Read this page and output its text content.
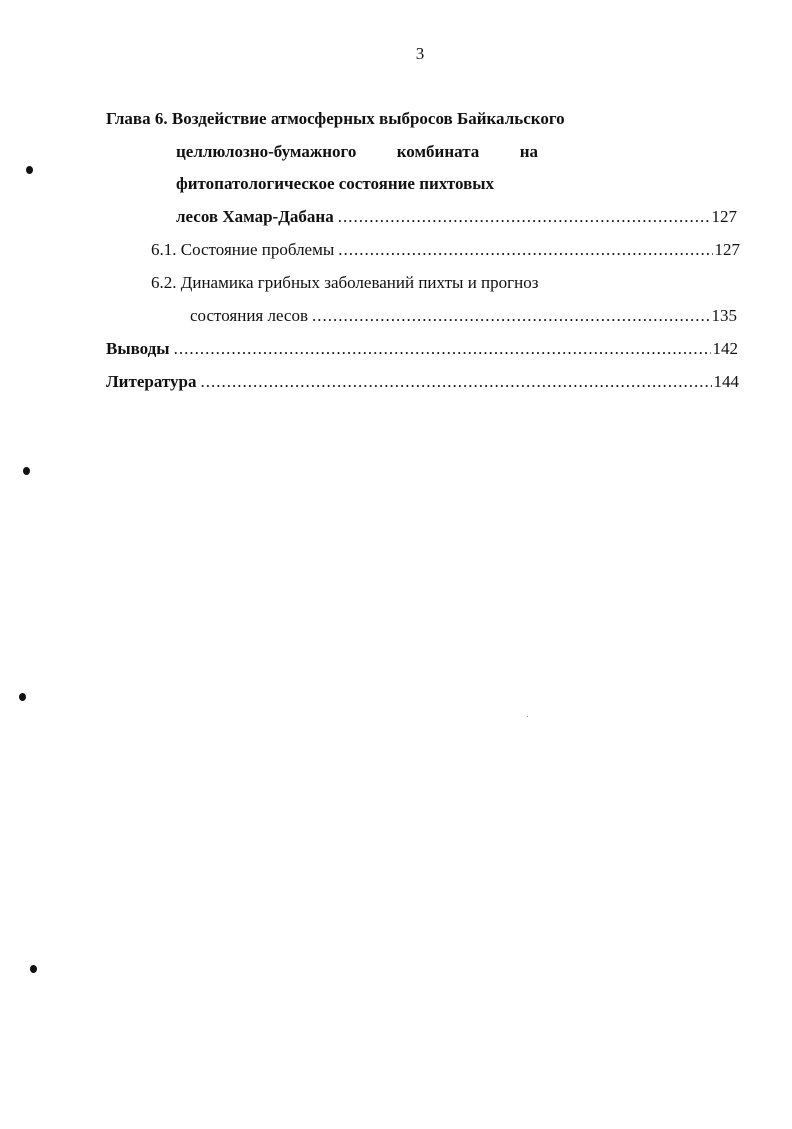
3
Глава 6. Воздействие атмосферных выбросов Байкальского
целлюлозно-бумажного комбината на
фитопатологическое состояние пихтовых
лесов Хамар-Дабана .....	127
6.1. Состояние проблемы .....	127
6.2. Динамика грибных заболеваний пихты и прогноз
состояния лесов .....	135
Выводы .....	142
Литература .....	144
